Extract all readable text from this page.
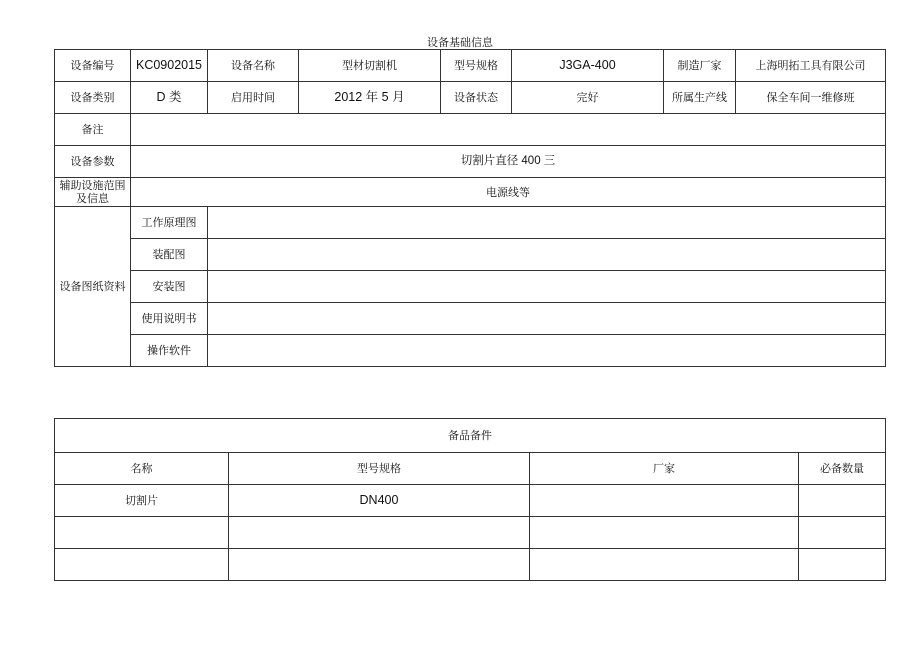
设备基础信息
设备编号	KC0902015	设备名称	型材切割机	型号规格	J3GA-400	制造厂家	上海明拓工具有限公司
设备类别	D 类	启用时间	2012 年 5 月	设备状态	完好	所属生产线	保全车间一维修班
备注							
设备参数	切割片直径 400 三						
辅助设施范围及信息	电源线等						
设备图纸资料	工作原理图						
	装配图						
	安装图						
	使用说明书						
	操作软件						
备品备件			
名称	型号规格	厂家	必备数量
切割片	DN400		
